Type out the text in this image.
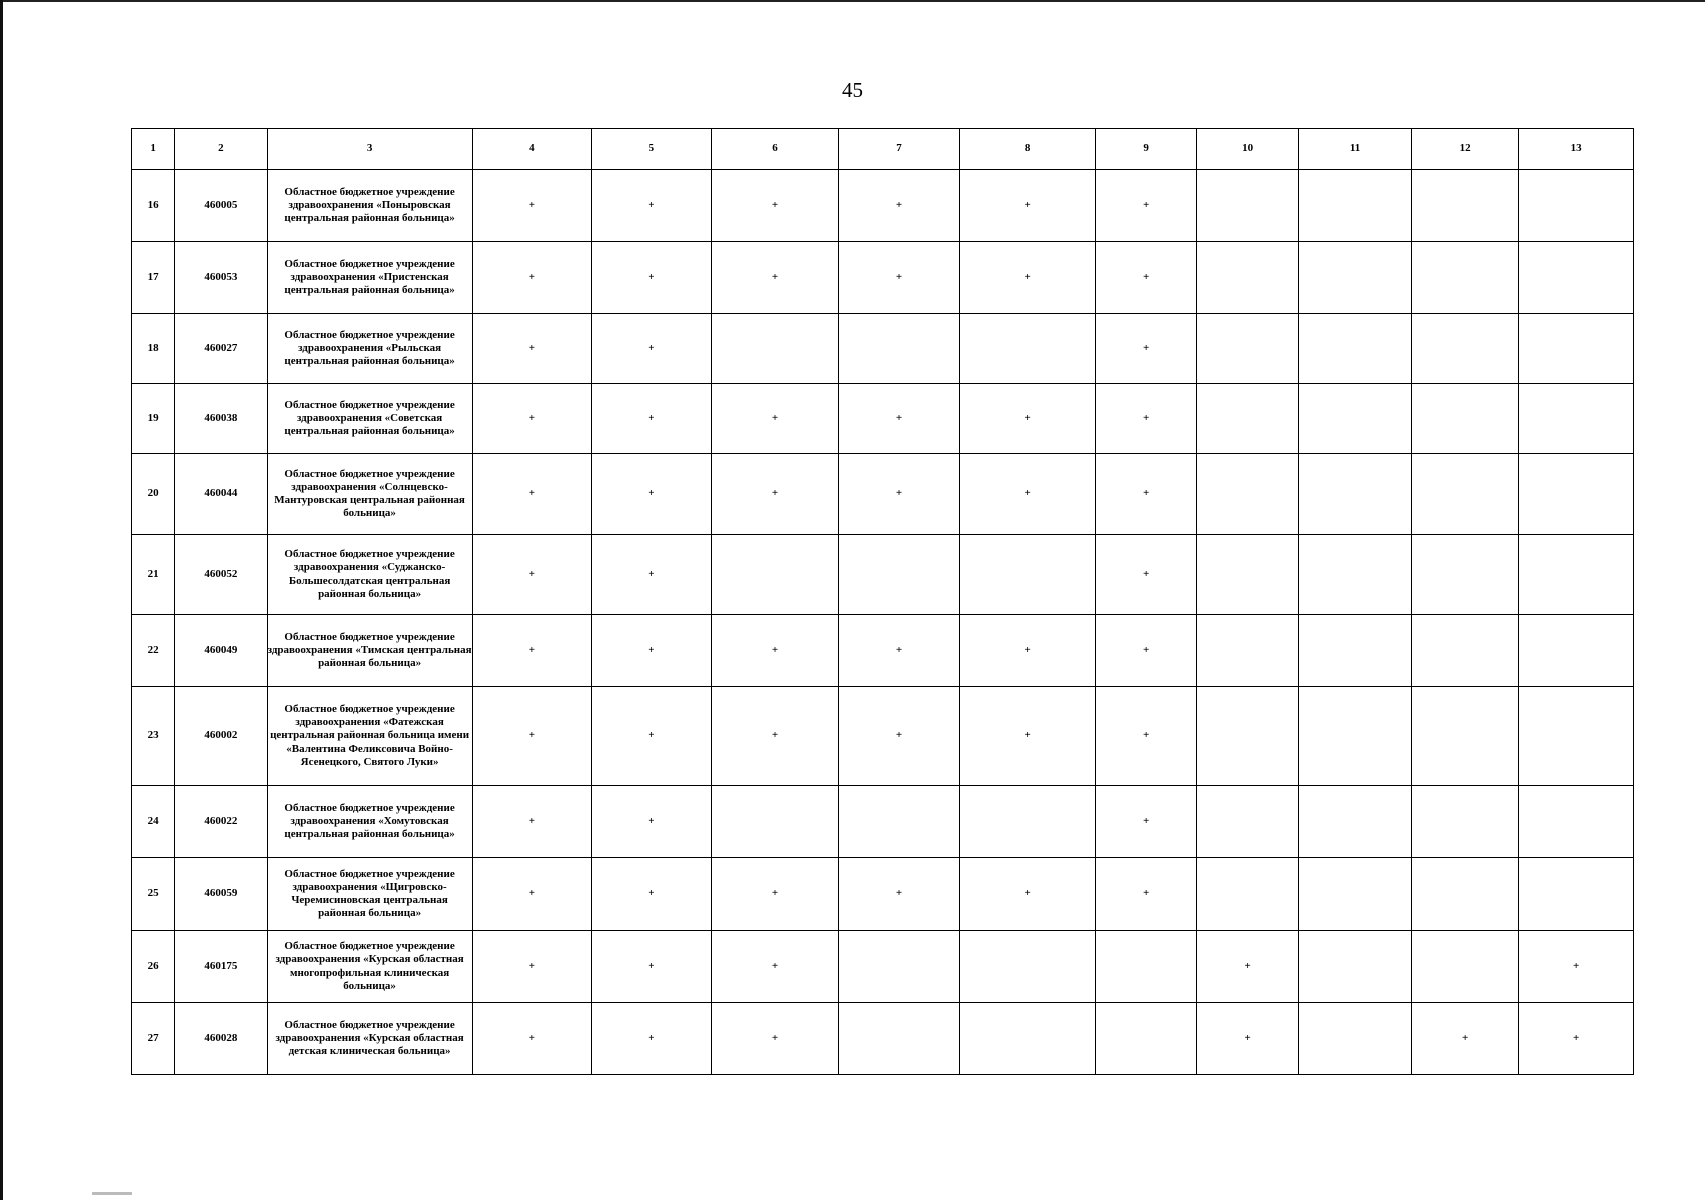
45
1	2	3	4	5	6	7	8	9	10	11	12	13
16	460005	Областное бюджетное учреждение здравоохранения «Поныровская центральная районная больница»	+	+	+	+	+	+				
17	460053	Областное бюджетное учреждение здравоохранения «Пристенская центральная районная больница»	+	+	+	+	+	+				
18	460027	Областное бюджетное учреждение здравоохранения «Рыльская центральная районная больница»	+	+				+				
19	460038	Областное бюджетное учреждение здравоохранения «Советская центральная районная больница»	+	+	+	+	+	+				
20	460044	Областное бюджетное учреждение здравоохранения «Солнцевско-Мантуровская центральная районная больница»	+	+	+	+	+	+				
21	460052	Областное бюджетное учреждение здравоохранения «Суджанско-Большесолдатская центральная районная больница»	+	+				+				
22	460049	Областное бюджетное учреждение здравоохранения «Тимская центральная районная больница»	+	+	+	+	+	+				
23	460002	Областное бюджетное учреждение здравоохранения «Фатежская центральная районная больница имени «Валентина Феликсовича Войно-Ясенецкого, Святого Луки»	+	+	+	+	+	+				
24	460022	Областное бюджетное учреждение здравоохранения «Хомутовская центральная районная больница»	+	+				+				
25	460059	Областное бюджетное учреждение здравоохранения «Щигровско-Черемисиновская центральная районная больница»	+	+	+	+	+	+				
26	460175	Областное бюджетное учреждение здравоохранения «Курская областная многопрофильная клиническая больница»	+	+	+				+			+
27	460028	Областное бюджетное учреждение здравоохранения «Курская областная детская клиническая больница»	+	+	+				+		+	+
